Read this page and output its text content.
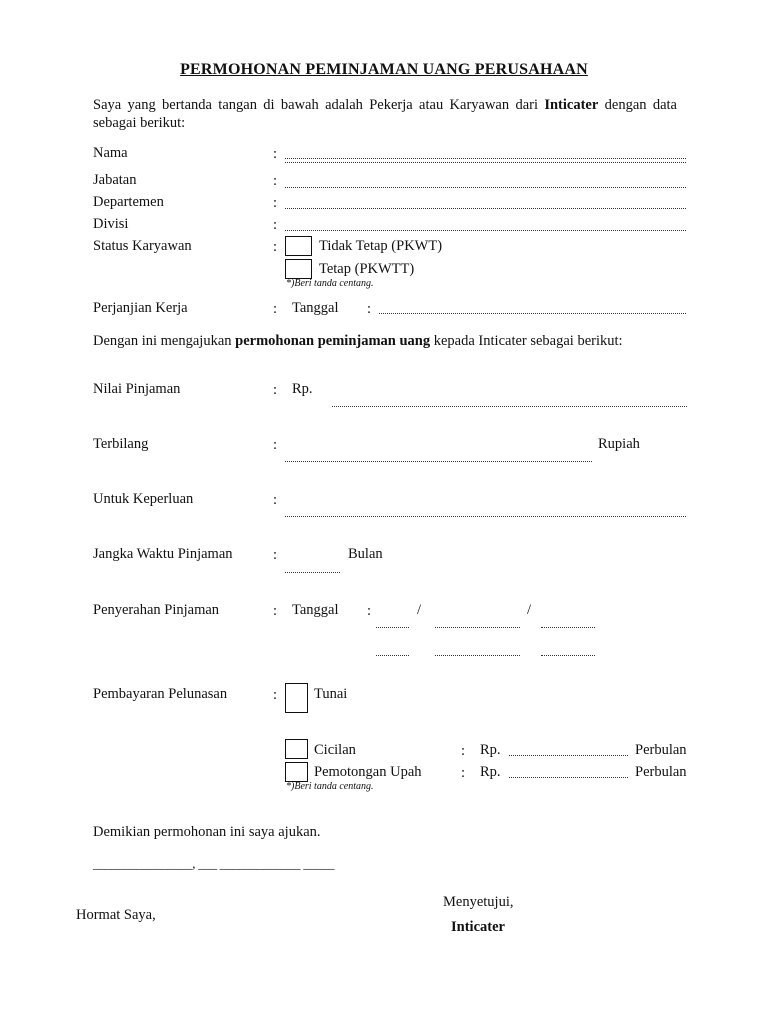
PERMOHONAN PEMINJAMAN UANG PERUSAHAAN
Saya yang bertanda tangan di bawah adalah Pekerja atau Karyawan dari Inticater dengan data sebagai berikut:
Nama	:
Jabatan	:
Departemen	:
Divisi	:
Status Karyawan	:	Tidak Tetap (PKWT)
Tetap (PKWTT)
*)Beri tanda centang.
Perjanjian Kerja	: Tanggal :
Dengan ini mengajukan permohonan peminjaman uang kepada Inticater sebagai berikut:
Nilai Pinjaman	: Rp.
Terbilang	:	Rupiah
Untuk Keperluan	:
Jangka Waktu Pinjaman	:	Bulan
Penyerahan Pinjaman	: Tanggal :	/	/
Pembayaran Pelunasan	:	Tunai
Cicilan	: Rp.	Perbulan
Pemotongan Upah	: Rp.	Perbulan
*)Beri tanda centang.
Demikian permohonan ini saya ajukan.
________________, ___ _____________ _____
Menyetujui,
Hormat Saya,
Inticater
